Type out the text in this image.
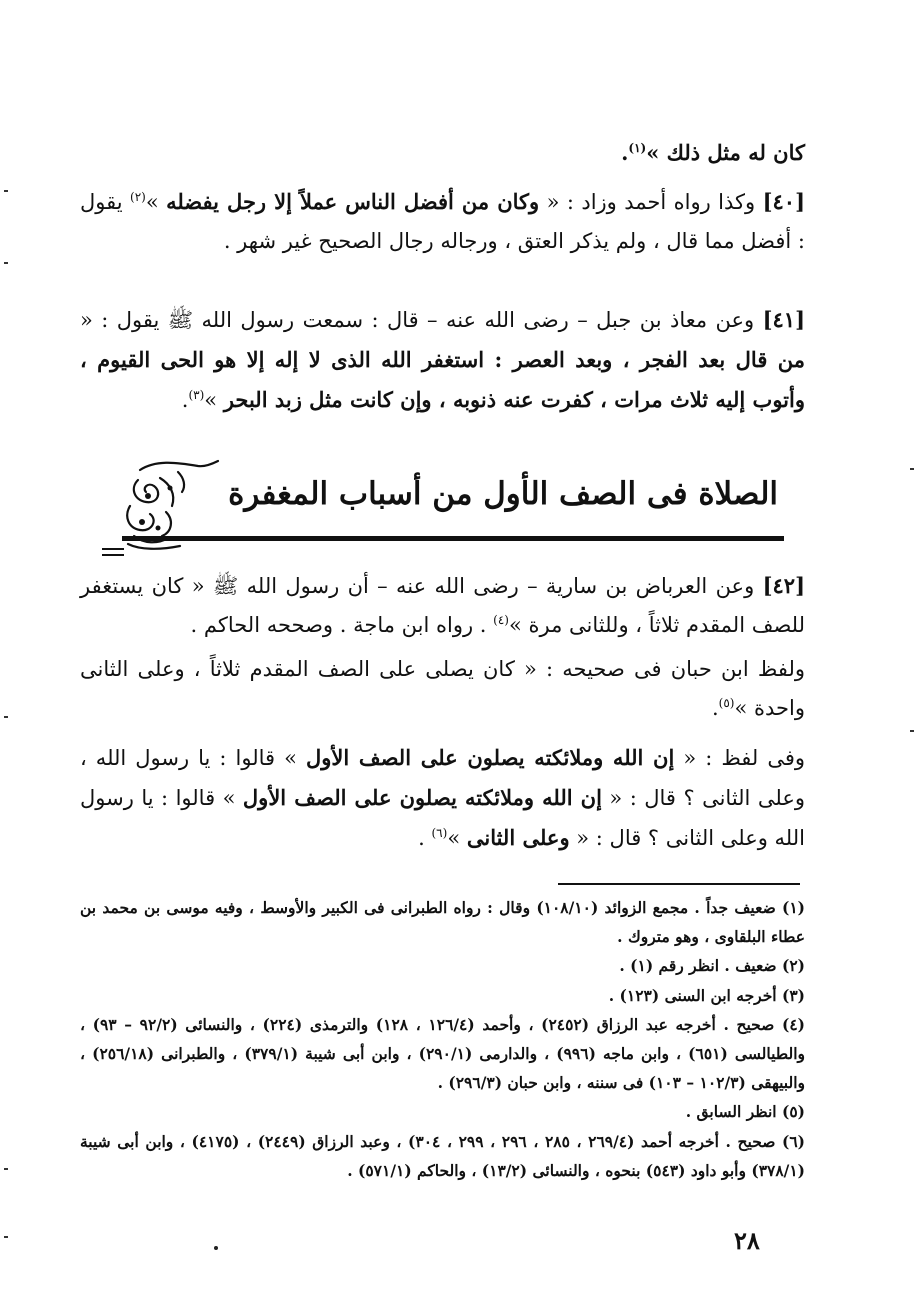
كان له مثل ذلك »$^{(١)}$.
[٤٠] وكذا رواه أحمد وزاد : « وكان من أفضل الناس عملاً إلا رجل يفضله »$^{(٢)}$ يقول : أفضل مما قال ، ولم يذكر العتق ، ورجاله رجال الصحيح غير شهر .
[٤١] وعن معاذ بن جبل – رضى الله عنه – قال : سمعت رسول الله ﷺ يقول : « من قال بعد الفجر ، وبعد العصر : استغفر الله الذى لا إله إلا هو الحى القيوم ، وأتوب إليه ثلاث مرات ، كفرت عنه ذنوبه ، وإن كانت مثل زبد البحر »$^{(٣)}$.
الصلاة فى الصف الأول من أسباب المغفرة
[٤٢] وعن العرباض بن سارية – رضى الله عنه – أن رسول الله ﷺ « كان يستغفر للصف المقدم ثلاثاً ، وللثانى مرة »$^{(٤)}$ . رواه ابن ماجة . وصححه الحاكم .
ولفظ ابن حبان فى صحيحه : « كان يصلى على الصف المقدم ثلاثاً ، وعلى الثانى واحدة »$^{(٥)}$.
وفى لفظ : « إن الله وملائكته يصلون على الصف الأول » قالوا : يا رسول الله ، وعلى الثانى ؟ قال : « إن الله وملائكته يصلون على الصف الأول » قالوا : يا رسول الله وعلى الثانى ؟ قال : « وعلى الثانى »$^{(٦)}$ .

(١) ضعيف جداً . مجمع الزوائد (١٠٨/١٠) وقال : رواه الطبرانى فى الكبير والأوسط ، وفيه موسى بن محمد بن عطاء البلقاوى ، وهو متروك .

(٢) ضعيف . انظر رقم (١) .

(٣) أخرجه ابن السنى (١٢٣) .

(٤) صحيح . أخرجه عبد الرزاق (٢٤٥٢) ، وأحمد (١٢٦/٤ ، ١٢٨) والترمذى (٢٢٤) ، والنسائى (٩٢/٢ – ٩٣) ، والطيالسى (٦٥١) ، وابن ماجه (٩٩٦) ، والدارمى (٢٩٠/١) ، وابن أبى شيبة (٣٧٩/١) ، والطبرانى (٢٥٦/١٨) ، والبيهقى (١٠٢/٣ – ١٠٣) فى سننه ، وابن حبان (٢٩٦/٣) .

(٥) انظر السابق .

(٦) صحيح . أخرجه أحمد (٢٦٩/٤ ، ٢٨٥ ، ٢٩٦ ، ٢٩٩ ، ٣٠٤) ، وعبد الرزاق (٢٤٤٩) ، (٤١٧٥) ، وابن أبى شيبة (٣٧٨/١) وأبو داود (٥٤٣) بنحوه ، والنسائى (١٣/٢) ، والحاكم (٥٧١/١) .

٢٨
